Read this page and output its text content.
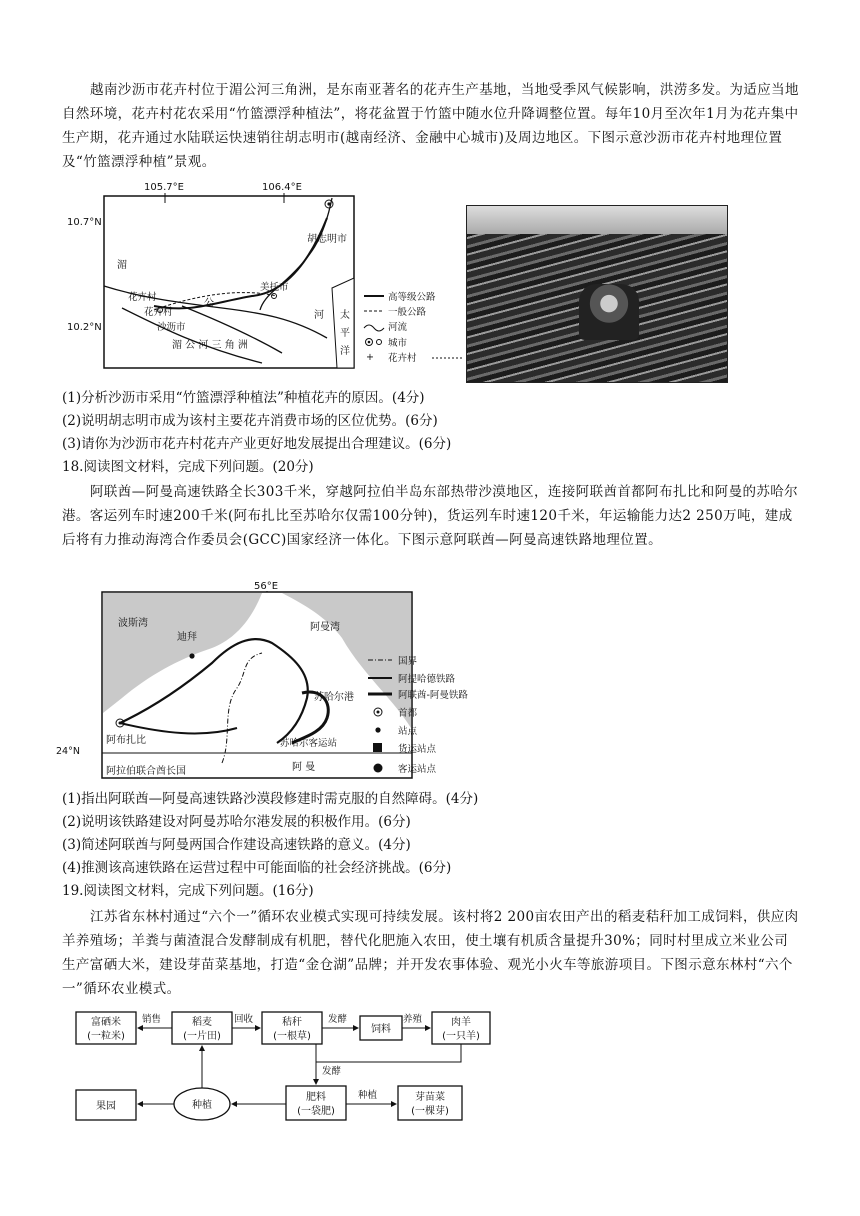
越南沙沥市花卉村位于湄公河三角洲，是东南亚著名的花卉生产基地，当地受季风气候影响，洪涝多发。为适应当地自然环境，花卉村花农采用“竹篮漂浮种植法”，将花盆置于竹篮中随水位升降调整位置。每年10月至次年1月为花卉集中生产期，花卉通过水陆联运快速销往胡志明市(越南经济、金融中心城市)及周边地区。下图示意沙沥市花卉村地理位置及“竹篮漂浮种植”景观。

105.7°E	106.4°E
10.7°N
10.2°N
花卉村
胡志明市
湄
公
河
花卉村
沙沥市
湄 公 河 三 角 洲
美托市
太
平
洋
高等级公路
一般公路
河流
城市
+ 花卉村

(1)分析沙沥市采用“竹篮漂浮种植法”种植花卉的原因。(4分)

(2)说明胡志明市成为该村主要花卉消费市场的区位优势。(6分)

(3)请你为沙沥市花卉村花卉产业更好地发展提出合理建议。(6分)

18.阅读图文材料，完成下列问题。(20分)

阿联酋—阿曼高速铁路全长303千米，穿越阿拉伯半岛东部热带沙漠地区，连接阿联酋首都阿布扎比和阿曼的苏哈尔港。客运列车时速200千米(阿布扎比至苏哈尔仅需100分钟)，货运列车时速120千米，年运输能力达2 250万吨，建成后将有力推动海湾合作委员会(GCC)国家经济一体化。下图示意阿联酋—阿曼高速铁路地理位置。

56°E
24°N
波斯湾	阿曼湾
迪拜
苏哈尔港
阿布扎比	苏哈尔客运站
阿拉伯联合酋长国	阿 曼
国界
阿提哈德铁路
阿联酋-阿曼铁路
首都
站点
货运站点
客运站点

(1)指出阿联酋—阿曼高速铁路沙漠段修建时需克服的自然障碍。(4分)

(2)说明该铁路建设对阿曼苏哈尔港发展的积极作用。(6分)

(3)简述阿联酋与阿曼两国合作建设高速铁路的意义。(4分)

(4)推测该高速铁路在运营过程中可能面临的社会经济挑战。(6分)

19.阅读图文材料，完成下列问题。(16分)

江苏省东林村通过“六个一”循环农业模式实现可持续发展。该村将2 200亩农田产出的稻麦秸秆加工成饲料，供应肉羊养殖场；羊粪与菌渣混合发酵制成有机肥，替代化肥施入农田，使土壤有机质含量提升30%；同时村里成立米业公司生产富硒大米，建设芽苗菜基地，打造“金仓湖”品牌；并开发农事体验、观光小火车等旅游项目。下图示意东林村“六个一”循环农业模式。

富硒米
(一粒米)
稻麦
(一片田)
秸秆
(一根草)
饲料
肉羊
(一只羊)
果园	种植
肥料
(一袋肥)
芽苗菜
(一棵芽)
销售	回收	发酵	养殖
发酵
种植
